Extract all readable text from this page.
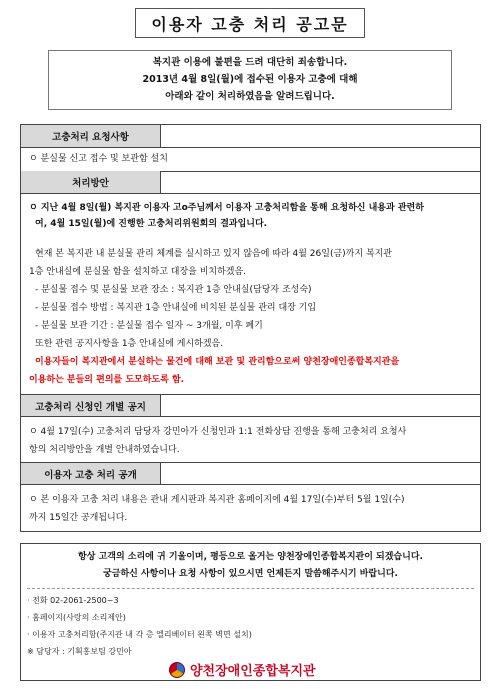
이용자 고충 처리 공고문
복지관 이용에 불편을 드려 대단히 죄송합니다.
2013년 4월 8일(월)에 접수된 이용자 고충에 대해
아래와 같이 처리하였음을 알려드립니다.
고충처리 요청사항
ㅇ 분실물 신고 접수 및 보관함 설치
처리방안
ㅇ 지난 4월 8일(월) 복지관 이용자 고o주님께서 이용자 고충처리함을 통해 요청하신 내용과 관련하
여, 4월 15일(월)에 진행한 고충처리위원회의 결과입니다.
현재 본 복지관 내 분실물 관리 체계를 실시하고 있지 않음에 따라 4월 26일(금)까지 복지관
1층 안내실에 분실물 함을 설치하고 대장을 비치하겠음.
- 분실물 접수 및 분실물 보관 장소 : 복지관 1층 안내실(담당자 조성숙)
- 분실물 접수 방법 : 복지관 1층 안내실에 비치된 분실물 관리 대장 기입
- 분실물 보관 기간 : 분실물 접수 일자 ~ 3개월, 이후 폐기
또한 관련 공지사항을 1층 안내실에 게시하겠음.
이용자들이 복지관에서 분실하는 물건에 대해 보관 및 관리함으로써 양천장애인종합복지관을
이용하는 분들의 편의를 도모하도록 함.
고충처리 신청인 개별 공지
ㅇ 4월 17일(수) 고충처리 담당자 강민아가 신청인과 1:1 전화상담 진행을 통해 고충처리 요청사
항의 처리방안을 개별 안내하였습니다.
이용자 고충 처리 공개
ㅇ 본 이용자 고충 처리 내용은 관내 게시판과 복지관 홈페이지에 4월 17일(수)부터 5월 1일(수)
까지 15일간 공개됩니다.
항상 고객의 소리에 귀 기울이며, 평등으로 올거는 양천장애인종합복지관이 되겠습니다.
궁금하신 사항이나 요청 사항이 있으시면 언제든지 말씀해주시기 바랍니다.
· 전화 02-2061-2500~3
· 홈페이지(사랑의 소리제안)
· 이용자 고충처리함(주지관 내 각 층 엘리베이터 왼쪽 벽면 설치)
※ 담당자 : 기획홍보팀 강민아
양천장애인종합복지관
